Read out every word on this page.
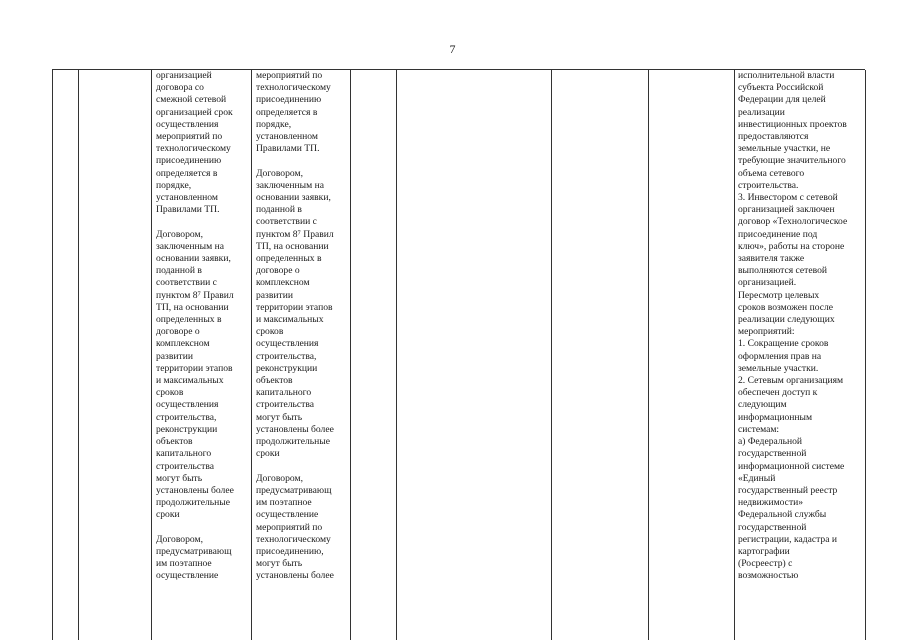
7
организацией
договора со
смежной сетевой
организацией срок
осуществления
мероприятий по
технологическому
присоединению
определяется в
порядке,
установленном
Правилами ТП.

Договором,
заключенным на
основании заявки,
поданной в
соответствии с
пунктом 8⁷ Правил
ТП, на основании
определенных в
договоре о
комплексном
развитии
территории этапов
и максимальных
сроков
осуществления
строительства,
реконструкции
объектов
капитального
строительства
могут быть
установлены более
продолжительные
сроки

Договором,
предусматривающ
им поэтапное
осуществление
мероприятий по
технологическому
присоединению
определяется в
порядке,
установленном
Правилами ТП.

Договором,
заключенным на
основании заявки,
поданной в
соответствии с
пунктом 8⁷ Правил
ТП, на основании
определенных в
договоре о
комплексном
развитии
территории этапов
и максимальных
сроков
осуществления
строительства,
реконструкции
объектов
капитального
строительства
могут быть
установлены более
продолжительные
сроки

Договором,
предусматривающ
им поэтапное
осуществление
мероприятий по
технологическому
присоединению,
могут быть
установлены более
исполнительной власти
субъекта Российской
Федерации для целей
реализации
инвестиционных проектов
предоставляются
земельные участки, не
требующие значительного
объема сетевого
строительства.
3. Инвестором с сетевой
организацией заключен
договор «Технологическое
присоединение под
ключ», работы на стороне
заявителя также
выполняются сетевой
организацией.
Пересмотр целевых
сроков возможен после
реализации следующих
мероприятий:
1. Сокращение сроков
оформления прав на
земельные участки.
2. Сетевым организациям
обеспечен доступ к
следующим
информационным
системам:
а) Федеральной
государственной
информационной системе
«Единый
государственный реестр
недвижимости»
Федеральной службы
государственной
регистрации, кадастра и
картографии
(Росреестр) с
возможностью
